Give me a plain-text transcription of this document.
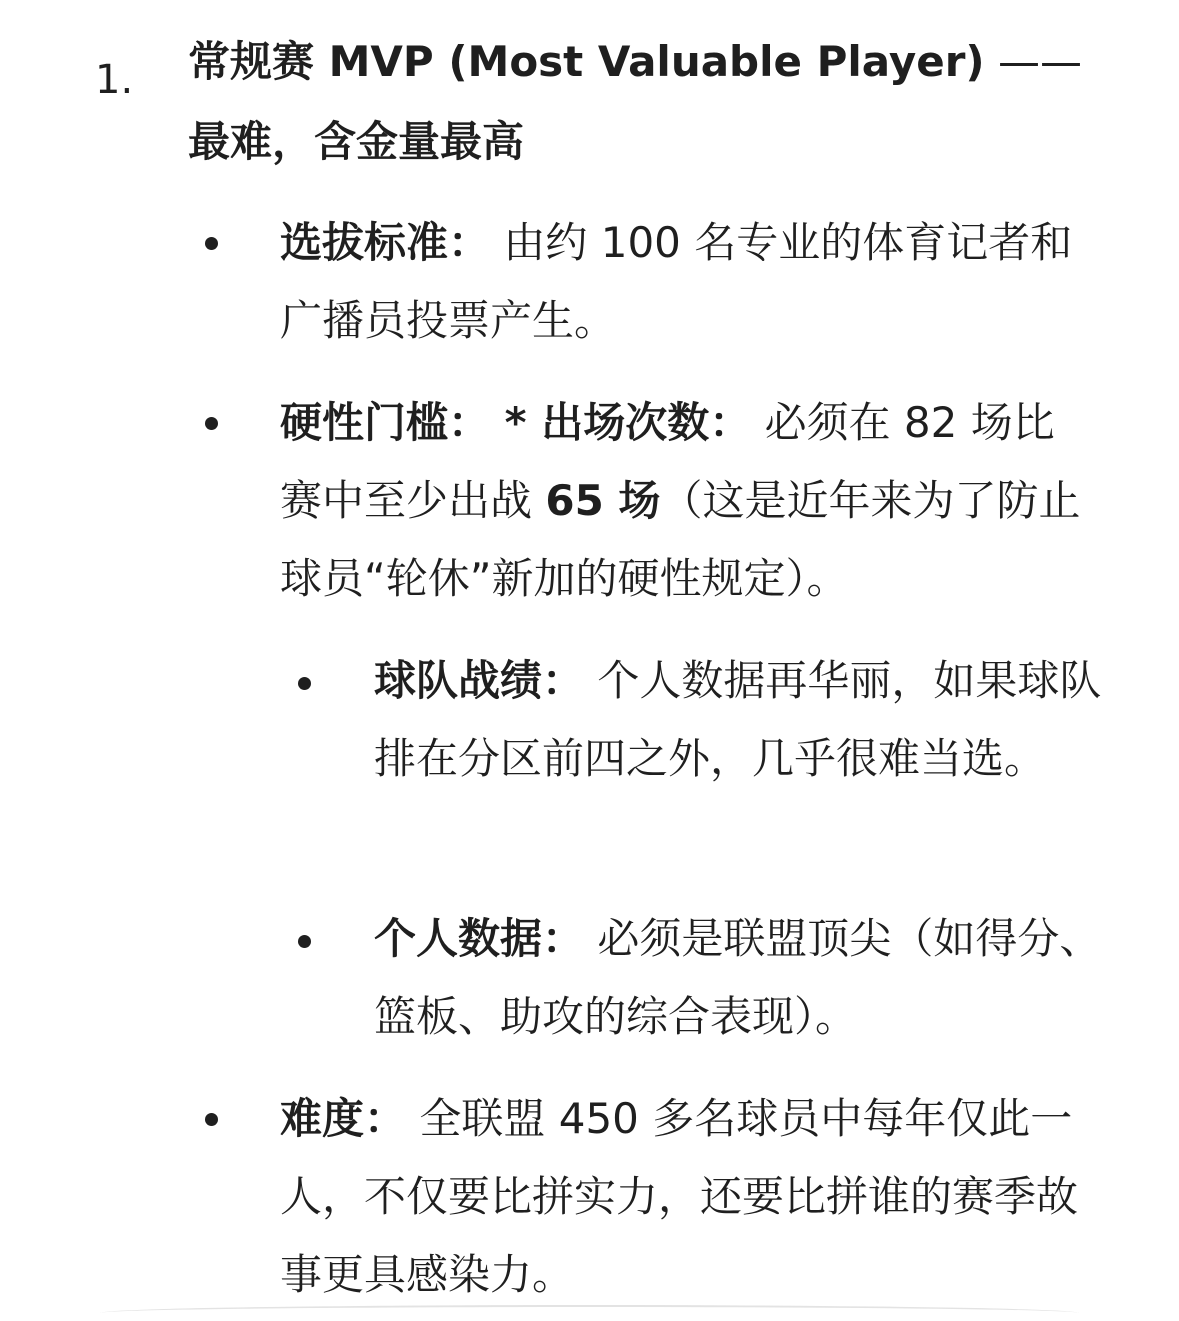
1. 常规赛 MVP (Most Valuable Player) ——
最难，含金量最高
选拔标准： 由约 100 名专业的体育记者和广播员投票产生。
硬性门槛： * 出场次数： 必须在 82 场比赛中至少出战 65 场（这是近年来为了防止球员“轮休”新加的硬性规定）。
球队战绩： 个人数据再华丽，如果球队排在分区前四之外，几乎很难当选。
个人数据： 必须是联盟顶尖（如得分、篮板、助攻的综合表现）。
难度： 全联盟 450 多名球员中每年仅此一人，不仅要比拼实力，还要比拼谁的赛季故事更具感染力。
